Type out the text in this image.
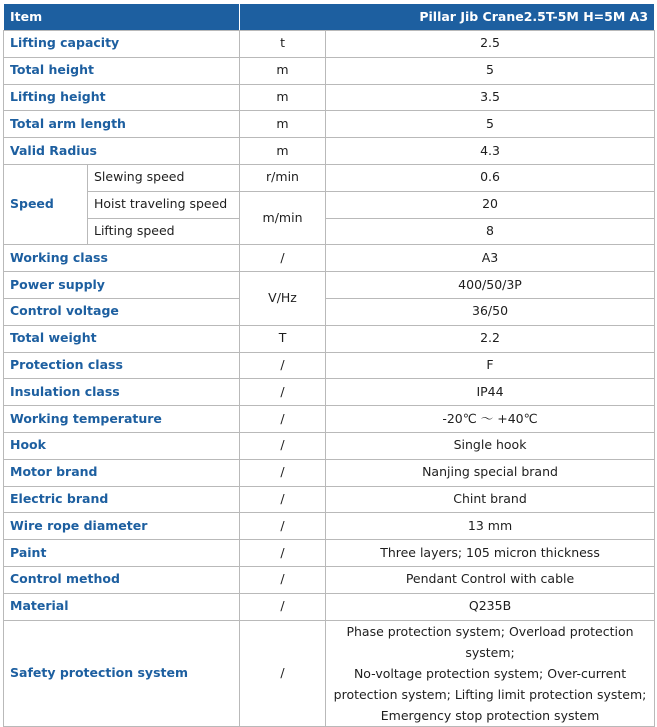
Item		Pillar Jib Crane2.5T-5M H=5M A3	
Lifting capacity		t	2.5
Total height		m	5
Lifting height		m	3.5
Total arm length		m	5
Valid Radius		m	4.3
Speed	Slewing speed	r/min	0.6
	Hoist traveling speed	m/min	20
	Lifting speed		8
Working class		/	A3
Power supply		V/Hz	400/50/3P
Control voltage			36/50
Total weight		T	2.2
Protection class		/	F
Insulation class		/	IP44
Working temperature		/	-20℃ ～ +40℃
Hook		/	Single hook
Motor brand		/	Nanjing special brand
Electric brand		/	Chint brand
Wire rope diameter		/	13 mm
Paint		/	Three layers; 105 micron thickness
Control method		/	Pendant Control with cable
Material		/	Q235B
Safety protection system		/	Phase protection system; Overload protection system;
No-voltage protection system; Over-current protection system; Lifting limit protection system; Emergency stop protection system
